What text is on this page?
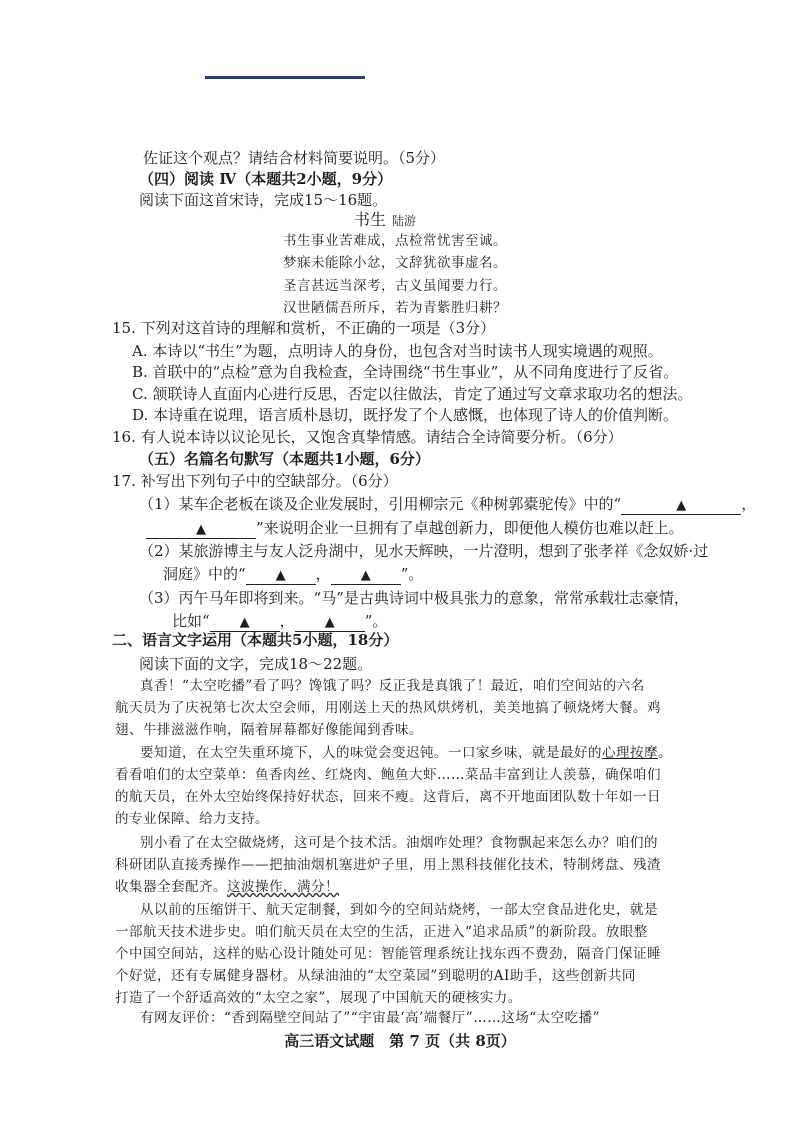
佐证这个观点？请结合材料简要说明。（5分）
（四）阅读 Ⅳ（本题共2小题，9分）
阅读下面这首宋诗，完成15～16题。
书生 陆游
书生事业苦难成，点检常忧害至诚。
梦寐未能除小忿，文辞犹欲事虚名。
圣言甚远当深考，古义虽闻要力行。
汉世陋儒吾所斥，若为青紫胜归耕？
15. 下列对这首诗的理解和赏析，不正确的一项是（3分）
A. 本诗以“书生”为题，点明诗人的身份，也包含对当时读书人现实境遇的观照。
B. 首联中的“点检”意为自我检查，全诗围绕“书生事业”，从不同角度进行了反省。
C. 颔联诗人直面内心进行反思，否定以往做法，肯定了通过写文章求取功名的想法。
D. 本诗重在说理，语言质朴恳切，既抒发了个人感慨，也体现了诗人的价值判断。
16. 有人说本诗以议论见长，又饱含真挚情感。请结合全诗简要分析。（6分）
（五）名篇名句默写（本题共1小题，6分）
17. 补写出下列句子中的空缺部分。（6分）
（1）某车企老板在谈及企业发展时，引用柳宗元《种树郭橐驼传》中的“	▲	，
▲	”来说明企业一旦拥有了卓越创新力，即便他人模仿也难以赶上。
（2）某旅游博主与友人泛舟湖中，见水天辉映，一片澄明，想到了张孝祥《念奴娇·过
洞庭》中的“ ▲ ， ▲ ”。
（3）丙午马年即将到来。“马”是古典诗词中极具张力的意象，常常承载壮志豪情，
比如“ ▲ ， ▲ ”。
二、语言文字运用（本题共5小题，18分）
阅读下面的文字，完成18～22题。
真香！“太空吃播”看了吗？馋饿了吗？反正我是真饿了！最近，咱们空间站的六名
航天员为了庆祝第七次太空会师，用刚送上天的热风烘烤机，美美地搞了顿烧烤大餐。鸡
翅、牛排滋滋作响，隔着屏幕都好像能闻到香味。
要知道，在太空失重环境下，人的味觉会变迟钝。一口家乡味，就是最好的心理按摩。
看看咱们的太空菜单：鱼香肉丝、红烧肉、鲍鱼大虾……菜品丰富到让人羡慕，确保咱们
的航天员，在外太空始终保持好状态，回来不瘦。这背后，离不开地面团队数十年如一日
的专业保障、给力支持。
别小看了在太空做烧烤，这可是个技术活。油烟咋处理？食物飘起来怎么办？咱们的
科研团队直接秀操作——把抽油烟机塞进炉子里，用上黑科技催化技术，特制烤盘、残渣
收集器全套配齐。这波操作，满分！
从以前的压缩饼干、航天定制餐，到如今的空间站烧烤，一部太空食品进化史，就是
一部航天技术进步史。咱们航天员在太空的生活，正进入“追求品质”的新阶段。放眼整
个中国空间站，这样的贴心设计随处可见：智能管理系统让找东西不费劲，隔音门保证睡
高三语文试题　第 7 页（共 8页）
个好觉，还有专属健身器材。从绿油油的“太空菜园”到聪明的AI助手，这些创新共同
打造了一个舒适高效的“太空之家”，展现了中国航天的硬核实力。
有网友评价：“香到隔壁空间站了”“宇宙最‘高’端餐厅”……这场“太空吃播”
